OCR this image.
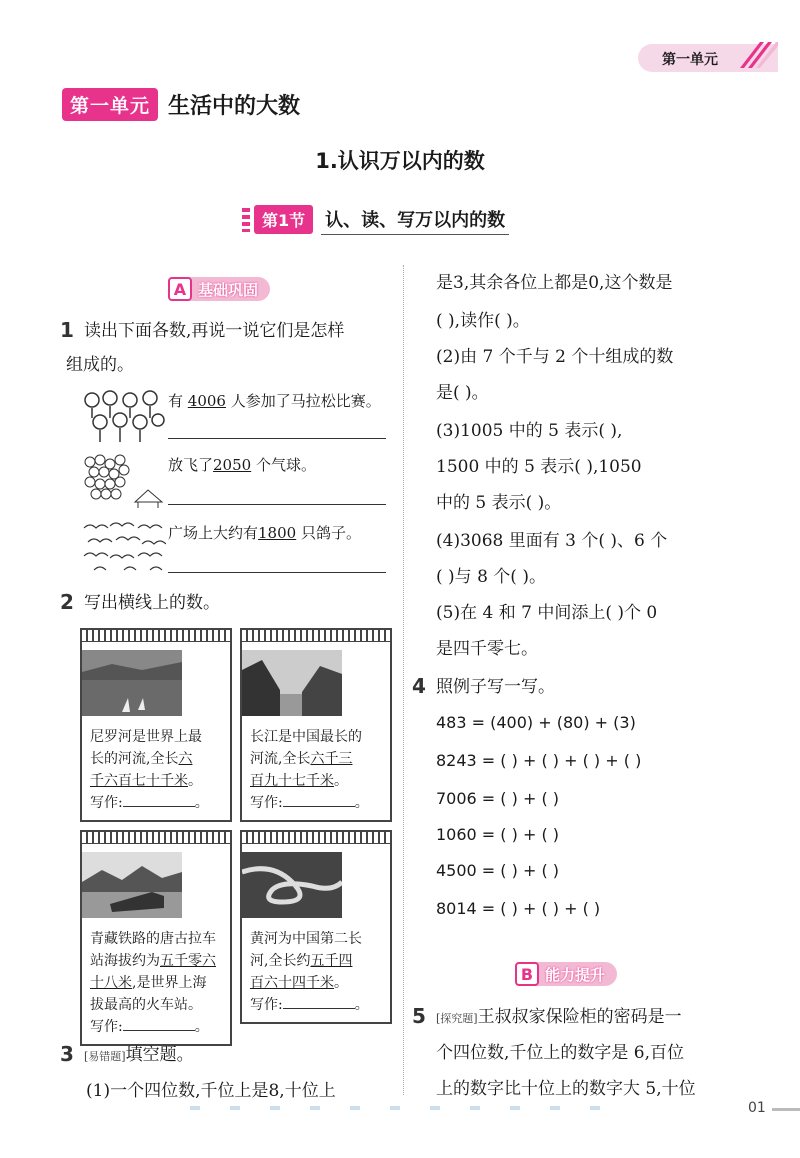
第一单元
第一单元 生活中的大数
1.认识万以内的数
第1节	认、读、写万以内的数
A 基础巩固
1 读出下面各数,再说一说它们是怎样
组成的。
有 4006 人参加了马拉松比赛。
放飞了2050 个气球。
广场上大约有1800 只鸽子。
2 写出横线上的数。
尼罗河是世界上最
长的河流,全长六
千六百七十千米。
写作:	。
长江是中国最长的
河流,全长六千三
百九十七千米。
写作:	。
青藏铁路的唐古拉车
站海拔约为五千零六
十八米,是世界上海
拔最高的火车站。
写作:	。
黄河为中国第二长
河,全长约五千四
百六十四千米。
写作:	。
3 [易错题]填空题。
(1)一个四位数,千位上是8,十位上
是3,其余各位上都是0,这个数是
( ),读作( )。
(2)由 7 个千与 2 个十组成的数
是( )。
(3)1005 中的 5 表示( ),
1500 中的 5 表示( ),1050
中的 5 表示( )。
(4)3068 里面有 3 个( )、6 个
( )与 8 个( )。
(5)在 4 和 7 中间添上( )个 0
是四千零七。
4 照例子写一写。
483 = (400) + (80) + (3)
8243 = ( ) + ( ) + ( ) + ( )
7006 = ( ) + ( )
1060 = ( ) + ( )
4500 = ( ) + ( )
8014 = ( ) + ( ) + ( )
B 能力提升
5 [探究题]王叔叔家保险柜的密码是一
个四位数,千位上的数字是 6,百位
上的数字比十位上的数字大 5,十位
01
